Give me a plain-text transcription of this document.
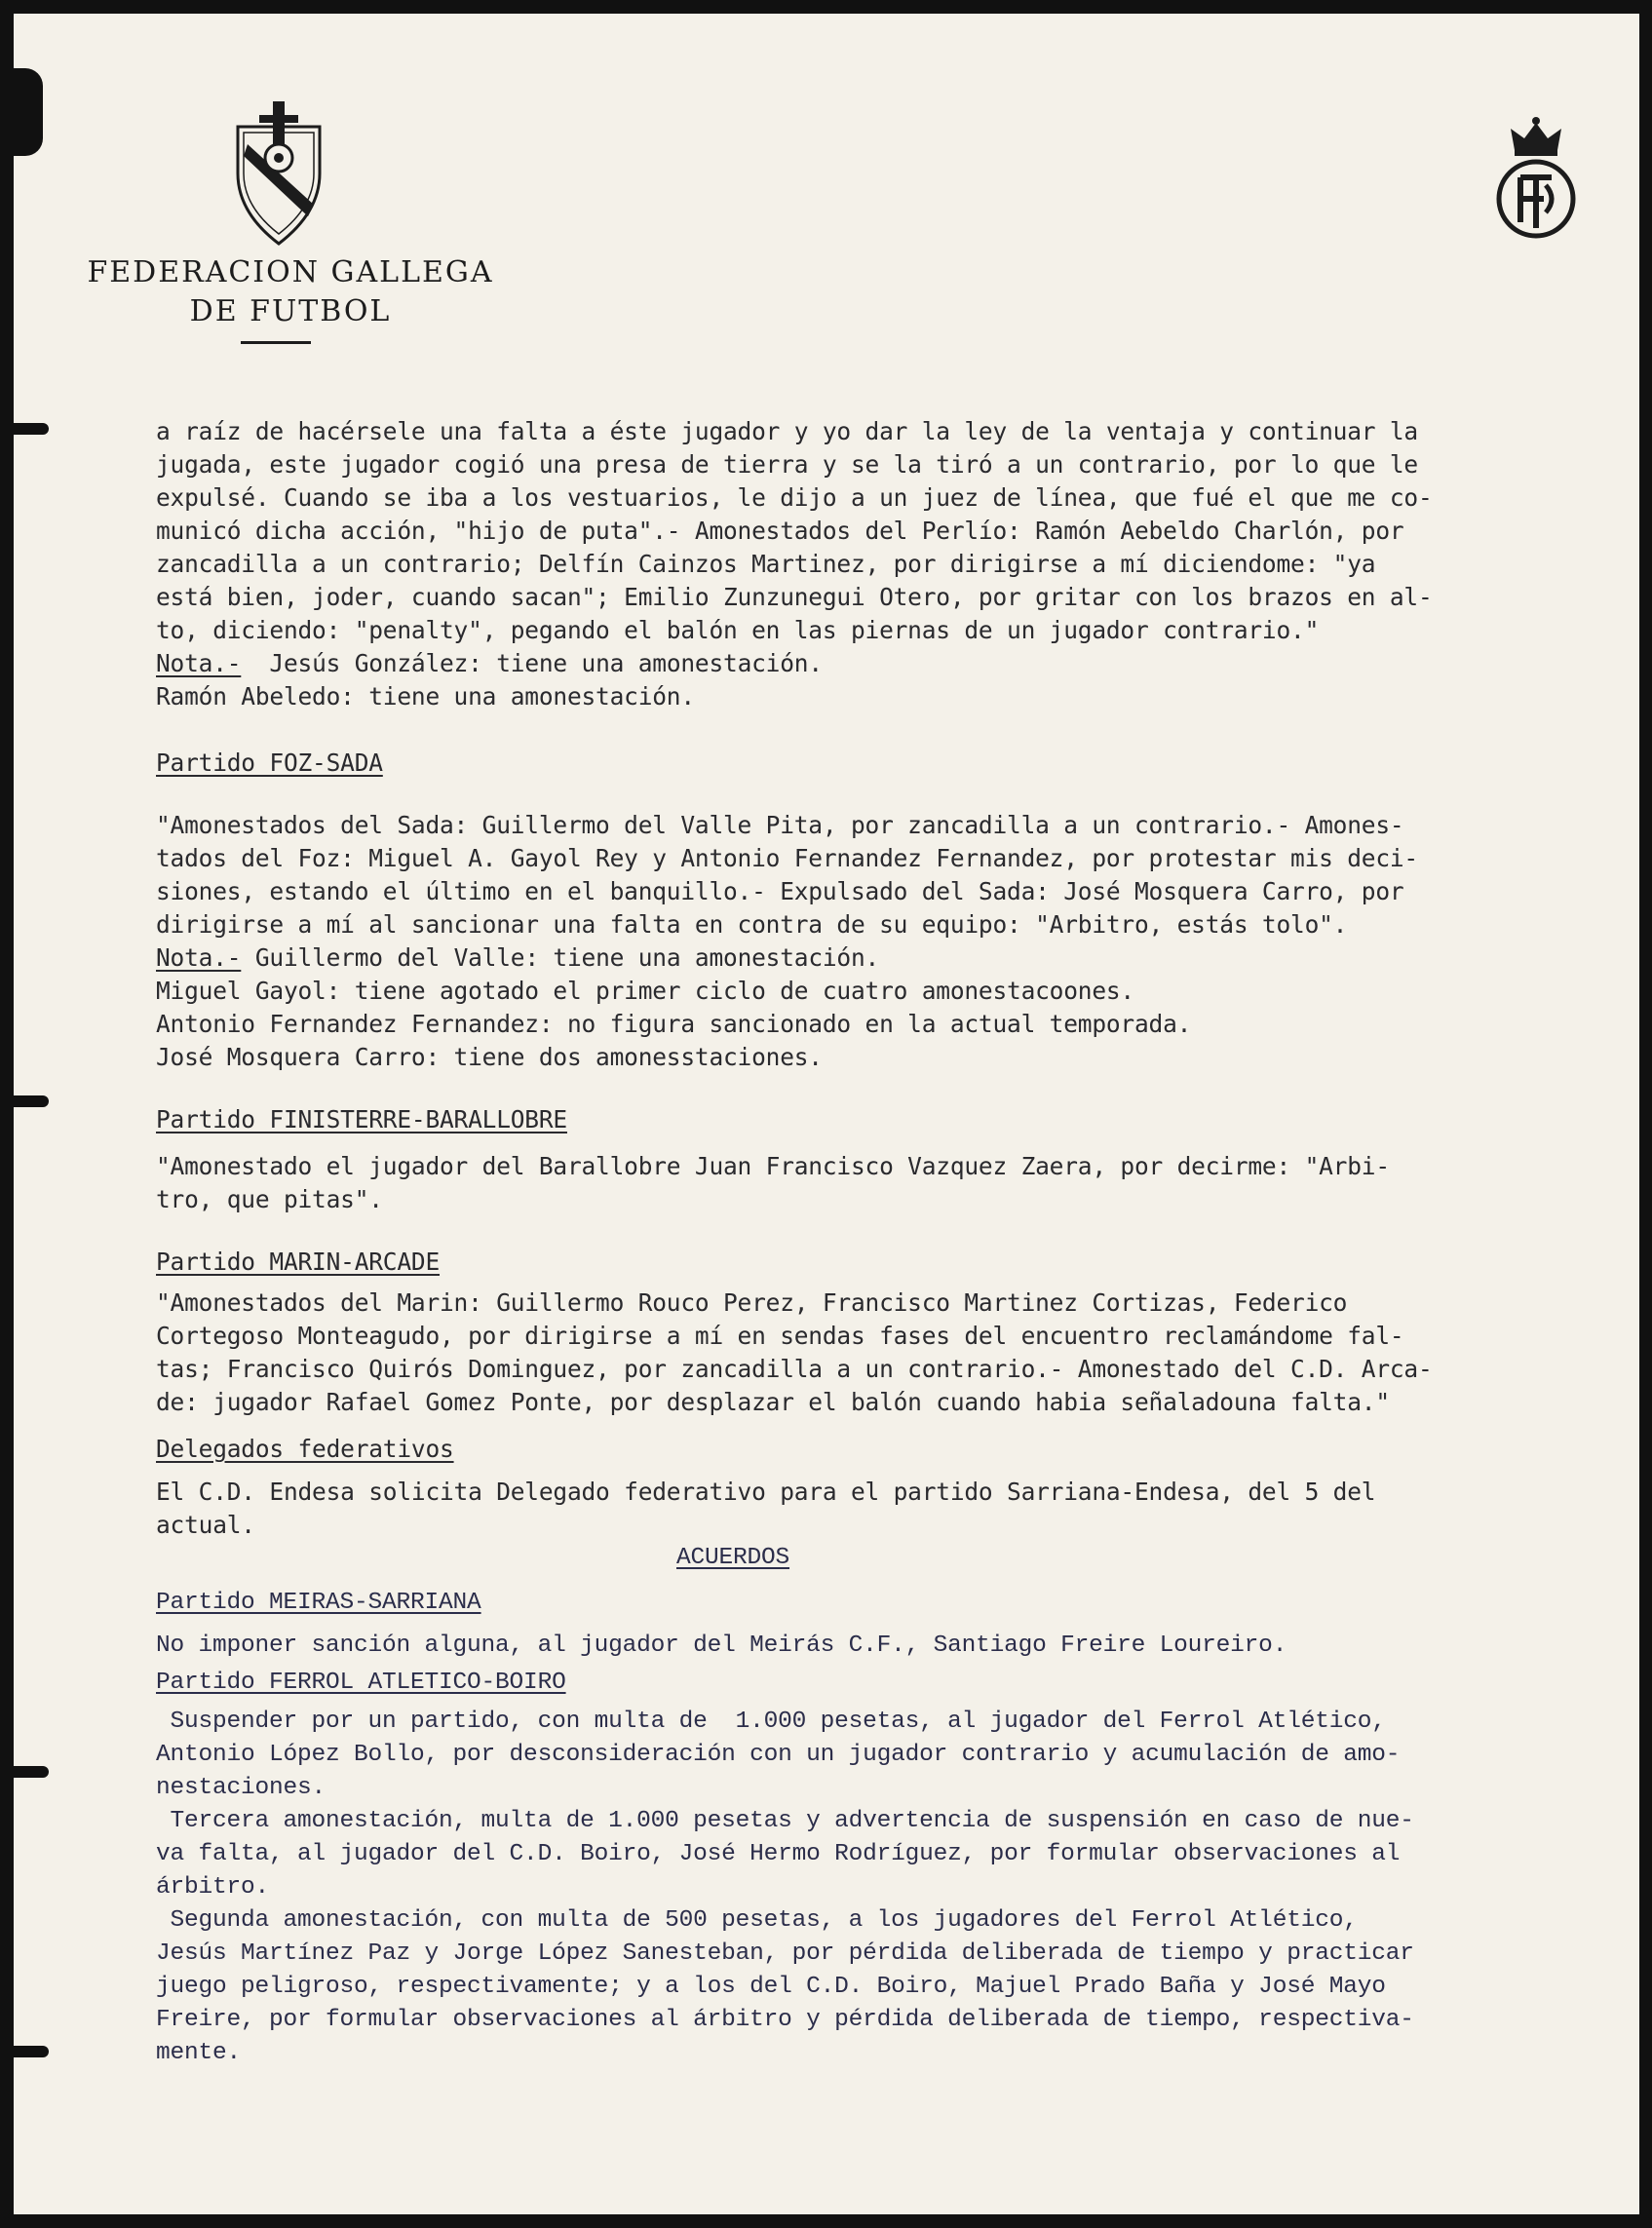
FEDERACION GALLEGA
DE FUTBOL

a raíz de hacérsele una falta a éste jugador y yo dar la ley de la ventaja y continuar la

jugada, este jugador cogió una presa de tierra y se la tiró a un contrario, por lo que le

expulsé. Cuando se iba a los vestuarios, le dijo a un juez de línea, que fué el que me co-

municó dicha acción, "hijo de puta".- Amonestados del Perlío: Ramón Aebeldo Charlón, por

zancadilla a un contrario; Delfín Cainzos Martinez, por dirigirse a mí diciendome: "ya

está bien, joder, cuando sacan"; Emilio Zunzunegui Otero, por gritar con los brazos en al-

to, diciendo: "penalty", pegando el balón en las piernas de un jugador contrario."

Nota.- Jesús González: tiene una amonestación.

Ramón Abeledo: tiene una amonestación.

Partido FOZ-SADA

"Amonestados del Sada: Guillermo del Valle Pita, por zancadilla a un contrario.- Amones-

tados del Foz: Miguel A. Gayol Rey y Antonio Fernandez Fernandez, por protestar mis deci-

siones, estando el último en el banquillo.- Expulsado del Sada: José Mosquera Carro, por

dirigirse a mí al sancionar una falta en contra de su equipo: "Arbitro, estás tolo".

Nota.- Guillermo del Valle: tiene una amonestación.

Miguel Gayol: tiene agotado el primer ciclo de cuatro amonestacoones.

Antonio Fernandez Fernandez: no figura sancionado en la actual temporada.

José Mosquera Carro: tiene dos amonesstaciones.

Partido FINISTERRE-BARALLOBRE

"Amonestado el jugador del Barallobre Juan Francisco Vazquez Zaera, por decirme: "Arbi-

tro, que pitas".

Partido MARIN-ARCADE

"Amonestados del Marin: Guillermo Rouco Perez, Francisco Martinez Cortizas, Federico

Cortegoso Monteagudo, por dirigirse a mí en sendas fases del encuentro reclamándome fal-

tas; Francisco Quirós Dominguez, por zancadilla a un contrario.- Amonestado del C.D. Arca-

de: jugador Rafael Gomez Ponte, por desplazar el balón cuando habia señaladouna falta."

Delegados federativos

El C.D. Endesa solicita Delegado federativo para el partido Sarriana-Endesa, del 5 del

actual.

ACUERDOS

Partido MEIRAS-SARRIANA

No imponer sanción alguna, al jugador del Meirás C.F., Santiago Freire Loureiro.

Partido FERROL ATLETICO-BOIRO

Suspender por un partido, con multa de  1.000 pesetas, al jugador del Ferrol Atlético,

Antonio López Bollo, por desconsideración con un jugador contrario y acumulación de amo-

nestaciones.

Tercera amonestación, multa de 1.000 pesetas y advertencia de suspensión en caso de nue-

va falta, al jugador del C.D. Boiro, José Hermo Rodríguez, por formular observaciones al

árbitro.

Segunda amonestación, con multa de 500 pesetas, a los jugadores del Ferrol Atlético,

Jesús Martínez Paz y Jorge López Sanesteban, por pérdida deliberada de tiempo y practicar

juego peligroso, respectivamente; y a los del C.D. Boiro, Majuel Prado Baña y José Mayo

Freire, por formular observaciones al árbitro y pérdida deliberada de tiempo, respectiva-

mente.
